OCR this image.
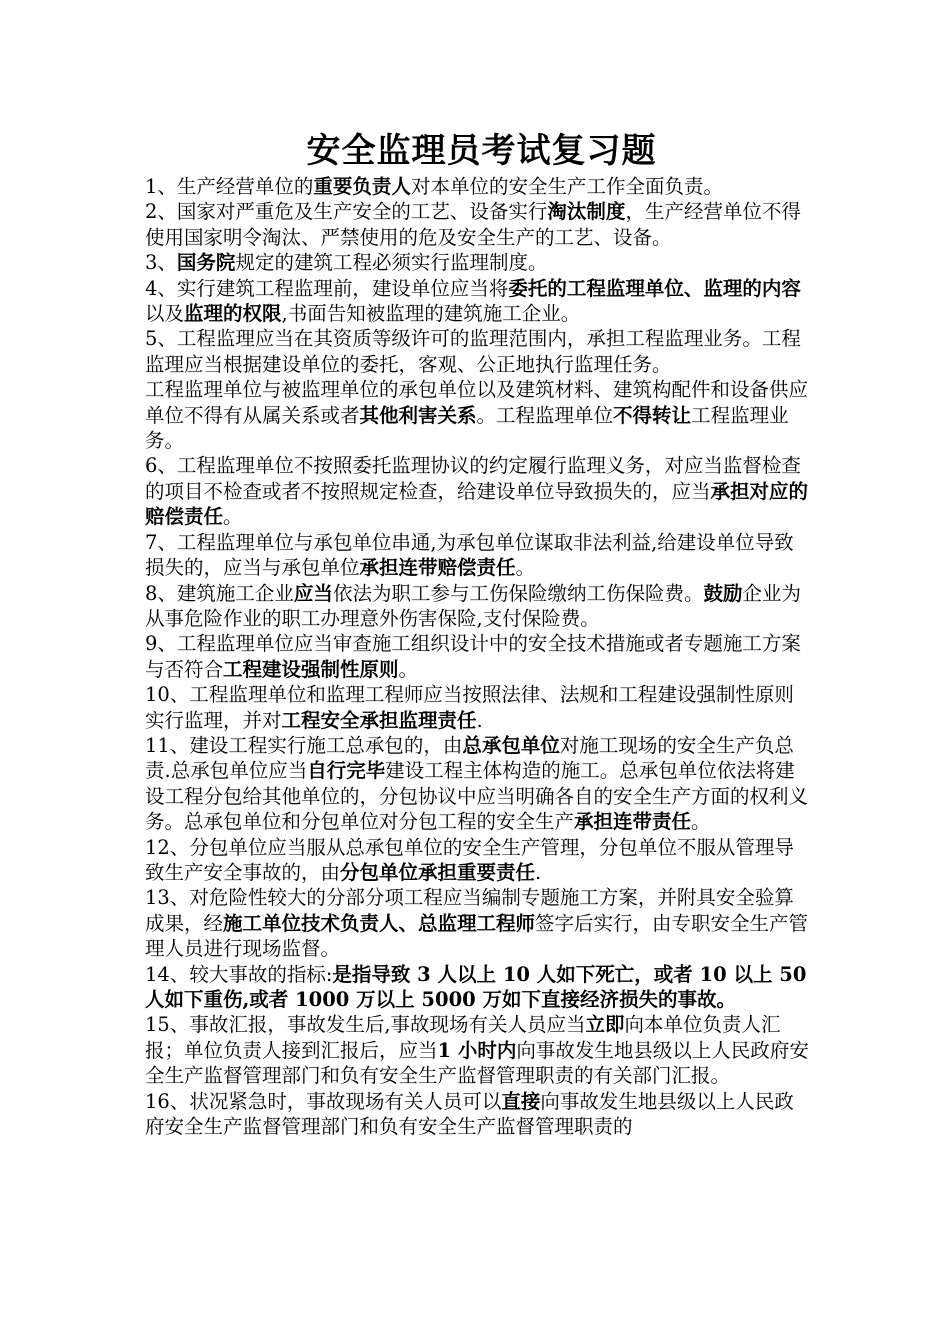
安全监理员考试复习题

1、生产经营单位的重要负责人对本单位的安全生产工作全面负责。

2、国家对严重危及生产安全的工艺、设备实行淘汰制度，生产经营单位不得使用国家明令淘汰、严禁使用的危及安全生产的工艺、设备。

3、国务院规定的建筑工程必须实行监理制度。

4、实行建筑工程监理前，建设单位应当将委托的工程监理单位、监理的内容以及监理的权限,书面告知被监理的建筑施工企业。

5、工程监理应当在其资质等级许可的监理范围内，承担工程监理业务。工程监理应当根据建设单位的委托，客观、公正地执行监理任务。

工程监理单位与被监理单位的承包单位以及建筑材料、建筑构配件和设备供应单位不得有从属关系或者其他利害关系。工程监理单位不得转让工程监理业务。

6、工程监理单位不按照委托监理协议的约定履行监理义务，对应当监督检查的项目不检查或者不按照规定检查，给建设单位导致损失的，应当承担对应的赔偿责任。

7、工程监理单位与承包单位串通,为承包单位谋取非法利益,给建设单位导致损失的，应当与承包单位承担连带赔偿责任。

8、建筑施工企业应当依法为职工参与工伤保险缴纳工伤保险费。鼓励企业为从事危险作业的职工办理意外伤害保险,支付保险费。

9、工程监理单位应当审查施工组织设计中的安全技术措施或者专题施工方案与否符合工程建设强制性原则。

10、工程监理单位和监理工程师应当按照法律、法规和工程建设强制性原则实行监理，并对工程安全承担监理责任.

11、建设工程实行施工总承包的，由总承包单位对施工现场的安全生产负总责.总承包单位应当自行完毕建设工程主体构造的施工。总承包单位依法将建设工程分包给其他单位的，分包协议中应当明确各自的安全生产方面的权利义务。总承包单位和分包单位对分包工程的安全生产承担连带责任。

12、分包单位应当服从总承包单位的安全生产管理，分包单位不服从管理导致生产安全事故的，由分包单位承担重要责任.

13、对危险性较大的分部分项工程应当编制专题施工方案，并附具安全验算成果，经施工单位技术负责人、总监理工程师签字后实行，由专职安全生产管理人员进行现场监督。

14、较大事故的指标:是指导致 3 人以上 10 人如下死亡，或者 10 以上 50 人如下重伤,或者 1000 万以上 5000 万如下直接经济损失的事故。

15、事故汇报，事故发生后,事故现场有关人员应当立即向本单位负责人汇报；单位负责人接到汇报后，应当1 小时内向事故发生地县级以上人民政府安全生产监督管理部门和负有安全生产监督管理职责的有关部门汇报。

16、状况紧急时，事故现场有关人员可以直接向事故发生地县级以上人民政府安全生产监督管理部门和负有安全生产监督管理职责的
